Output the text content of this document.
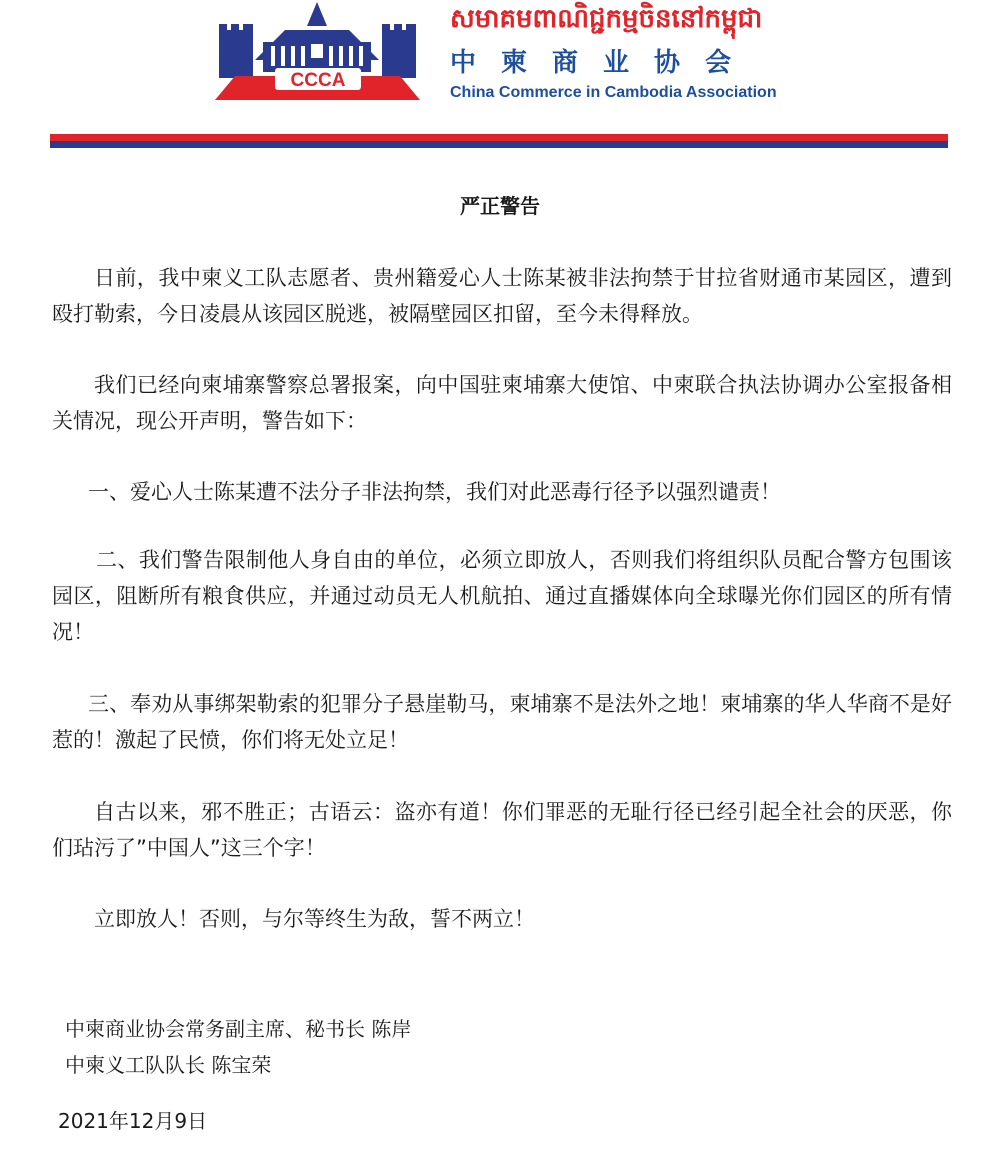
CCCA
សមាគមពាណិជ្ជកម្មចិននៅកម្ពុជា
中柬商业协会
China Commerce in Cambodia Association
严正警告

日前，我中柬义工队志愿者、贵州籍爱心人士陈某被非法拘禁于甘拉省财通市某园区，遭到殴打勒索，今日凌晨从该园区脱逃，被隔壁园区扣留，至今未得释放。

我们已经向柬埔寨警察总署报案，向中国驻柬埔寨大使馆、中柬联合执法协调办公室报备相关情况，现公开声明，警告如下：

一、爱心人士陈某遭不法分子非法拘禁，我们对此恶毒行径予以强烈谴责！

二、我们警告限制他人身自由的单位，必须立即放人，否则我们将组织队员配合警方包围该园区，阻断所有粮食供应，并通过动员无人机航拍、通过直播媒体向全球曝光你们园区的所有情况！

三、奉劝从事绑架勒索的犯罪分子悬崖勒马，柬埔寨不是法外之地！柬埔寨的华人华商不是好惹的！激起了民愤，你们将无处立足！

自古以来，邪不胜正；古语云：盗亦有道！你们罪恶的无耻行径已经引起全社会的厌恶，你们玷污了”中国人”这三个字！

立即放人！否则，与尔等终生为敌，誓不两立！

中柬商业协会常务副主席、秘书长 陈岸
中柬义工队队长 陈宝荣
2021年12月9日
